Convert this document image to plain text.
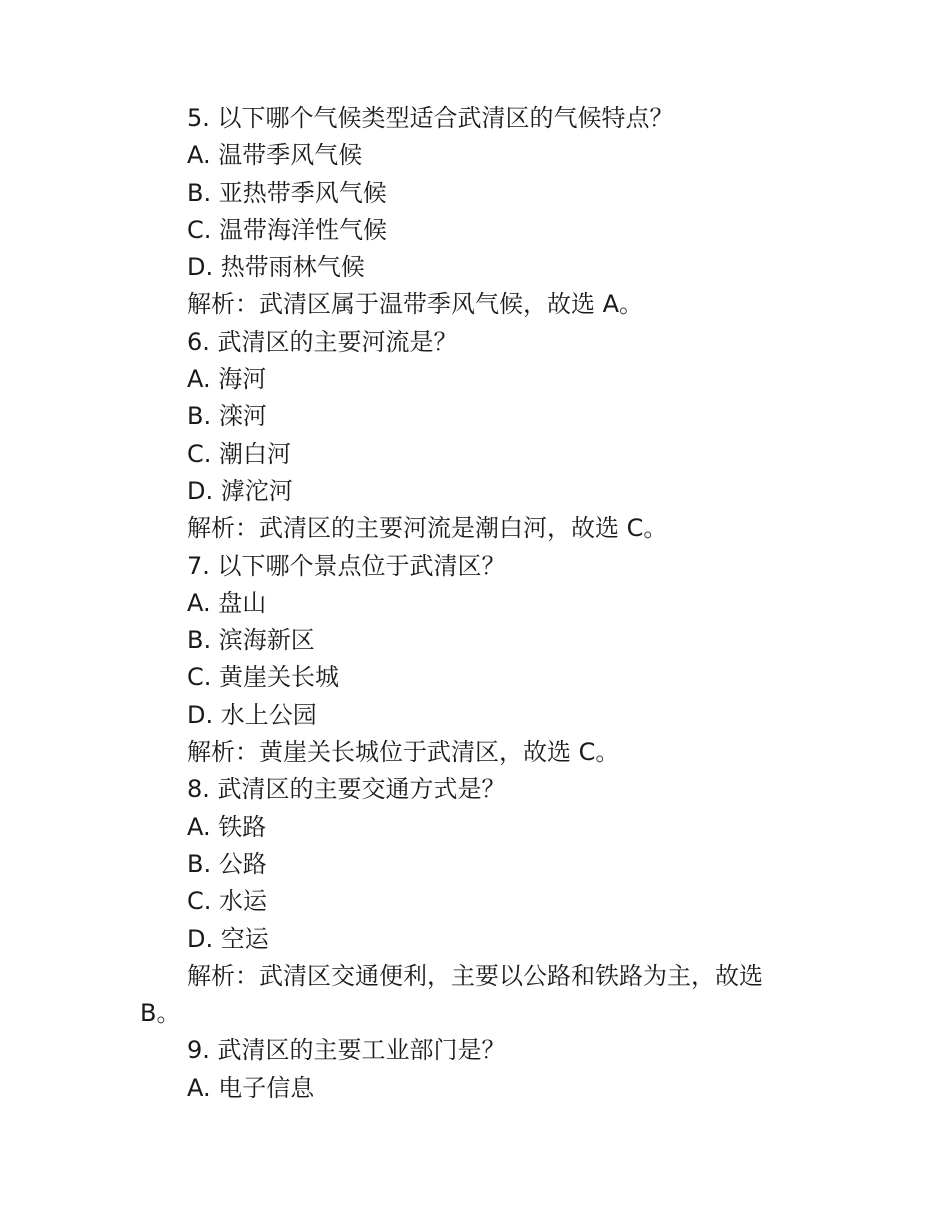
5. 以下哪个气候类型适合武清区的气候特点？
A. 温带季风气候
B. 亚热带季风气候
C. 温带海洋性气候
D. 热带雨林气候
解析：武清区属于温带季风气候，故选 A。
6. 武清区的主要河流是？
A. 海河
B. 滦河
C. 潮白河
D. 滹沱河
解析：武清区的主要河流是潮白河，故选 C。
7. 以下哪个景点位于武清区？
A. 盘山
B. 滨海新区
C. 黄崖关长城
D. 水上公园
解析：黄崖关长城位于武清区，故选 C。
8. 武清区的主要交通方式是？
A. 铁路
B. 公路
C. 水运
D. 空运
解析：武清区交通便利，主要以公路和铁路为主，故选
B。
9. 武清区的主要工业部门是？
A. 电子信息
